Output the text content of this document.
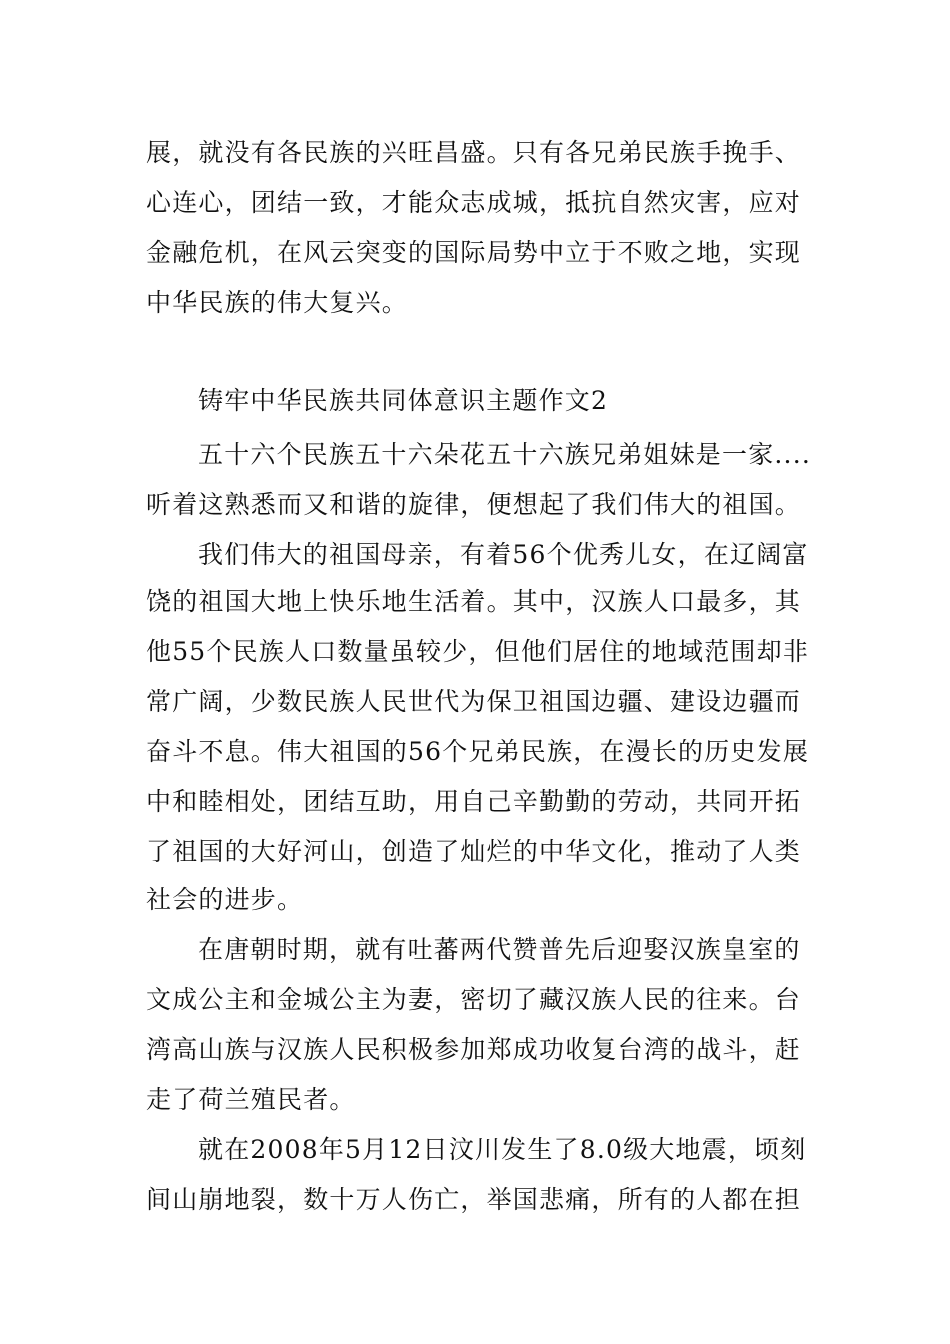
展，就没有各民族的兴旺昌盛。只有各兄弟民族手挽手、
心连心，团结一致，才能众志成城，抵抗自然灾害，应对
金融危机，在风云突变的国际局势中立于不败之地，实现
中华民族的伟大复兴。
铸牢中华民族共同体意识主题作文2
五十六个民族五十六朵花五十六族兄弟姐妹是一家....
听着这熟悉而又和谐的旋律，便想起了我们伟大的祖国。
我们伟大的祖国母亲，有着56个优秀儿女，在辽阔富
饶的祖国大地上快乐地生活着。其中，汉族人口最多，其
他55个民族人口数量虽较少，但他们居住的地域范围却非
常广阔，少数民族人民世代为保卫祖国边疆、建设边疆而
奋斗不息。伟大祖国的56个兄弟民族，在漫长的历史发展
中和睦相处，团结互助，用自己辛勤勤的劳动，共同开拓
了祖国的大好河山，创造了灿烂的中华文化，推动了人类
社会的进步。
在唐朝时期，就有吐蕃两代赞普先后迎娶汉族皇室的
文成公主和金城公主为妻，密切了藏汉族人民的往来。台
湾高山族与汉族人民积极参加郑成功收复台湾的战斗，赶
走了荷兰殖民者。
就在2008年5月12日汶川发生了8.0级大地震，顷刻
间山崩地裂，数十万人伤亡，举国悲痛，所有的人都在担
